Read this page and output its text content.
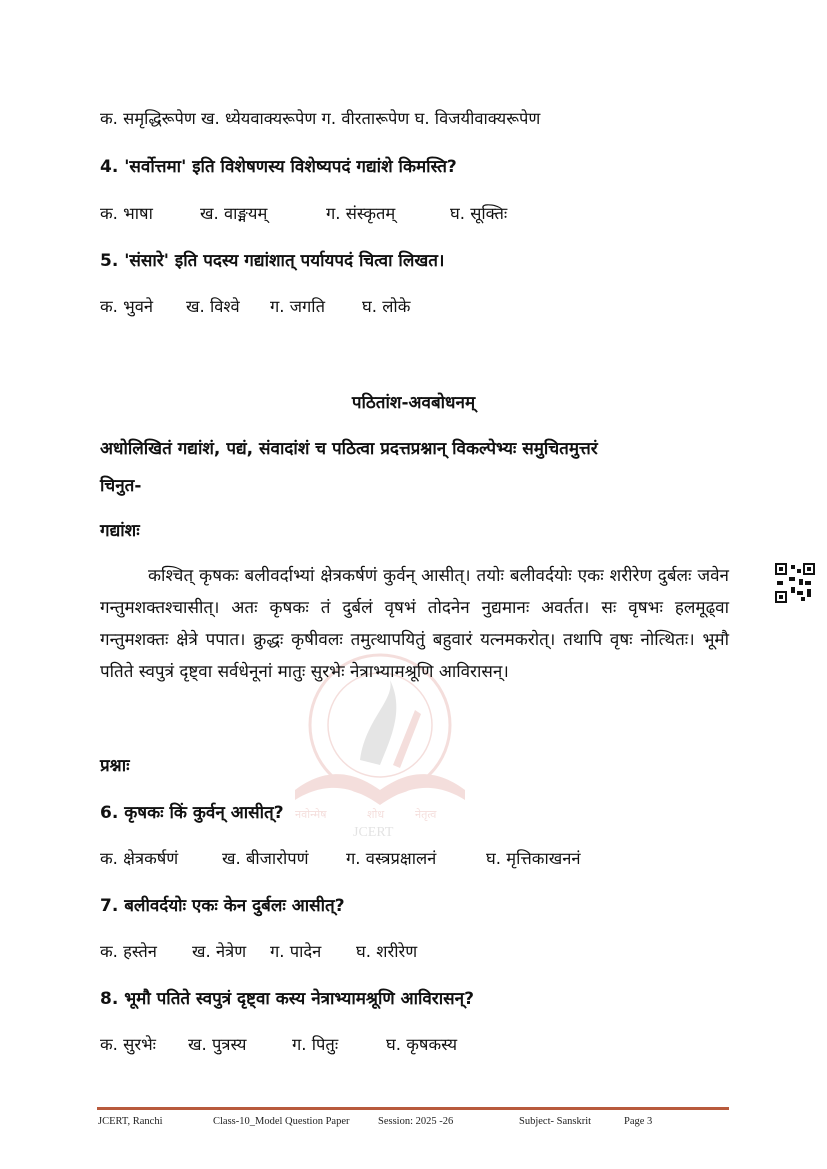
क. समृद्धिरूपेण ख. ध्येयवाक्यरूपेण ग. वीरतारूपेण घ. विजयीवाक्यरूपेण
4. 'सर्वोत्तमा' इति विशेषणस्य विशेष्यपदं गद्यांशे किमस्ति?
क. भाषा	ख. वाङ्मयम्	ग. संस्कृतम्	घ. सूक्तिः
5. 'संसारे' इति पदस्य गद्यांशात् पर्यायपदं चित्वा लिखत।
क. भुवने ख. विश्वे ग. जगति घ. लोके
पठितांश-अवबोधनम्
अधोलिखितं गद्यांशं, पद्यं, संवादांशं च पठित्वा प्रदत्तप्रश्नान् विकल्पेभ्यः समुचितमुत्तरं
चिनुत-
गद्यांशः
नवोन्मेष	शोध	नेतृत्व
JCERT
कश्चित् कृषकः बलीवर्दाभ्यां क्षेत्रकर्षणं कुर्वन् आसीत्। तयोः बलीवर्दयोः एकः शरीरेण दुर्बलः जवेन गन्तुमशक्तश्चासीत्। अतः कृषकः तं दुर्बलं वृषभं तोदनेन नुद्यमानः अवर्तत। सः वृषभः हलमूढ्वा गन्तुमशक्तः क्षेत्रे पपात। क्रुद्धः कृषीवलः तमुत्थापयितुं बहुवारं यत्नमकरोत्। तथापि वृषः नोत्थितः। भूमौ पतिते स्वपुत्रं दृष्ट्वा सर्वधेनूनां मातुः सुरभेः नेत्राभ्यामश्रूणि आविरासन्।
प्रश्नाः
6. कृषकः किं कुर्वन् आसीत्?
क. क्षेत्रकर्षणं	ख. बीजारोपणं ग. वस्त्रप्रक्षालनं	घ. मृत्तिकाखननं
7. बलीवर्दयोः एकः केन दुर्बलः आसीत्?
क. हस्तेन ख. नेत्रेण ग. पादेन घ. शरीरेण
8. भूमौ पतिते स्वपुत्रं दृष्ट्वा कस्य नेत्राभ्यामश्रूणि आविरासन्?
क. सुरभेः ख. पुत्रस्य	ग. पितुः	घ. कृषकस्य
JCERT, Ranchi	Class-10_Model Question Paper	Session: 2025 -26	Subject- Sanskrit	Page 3
